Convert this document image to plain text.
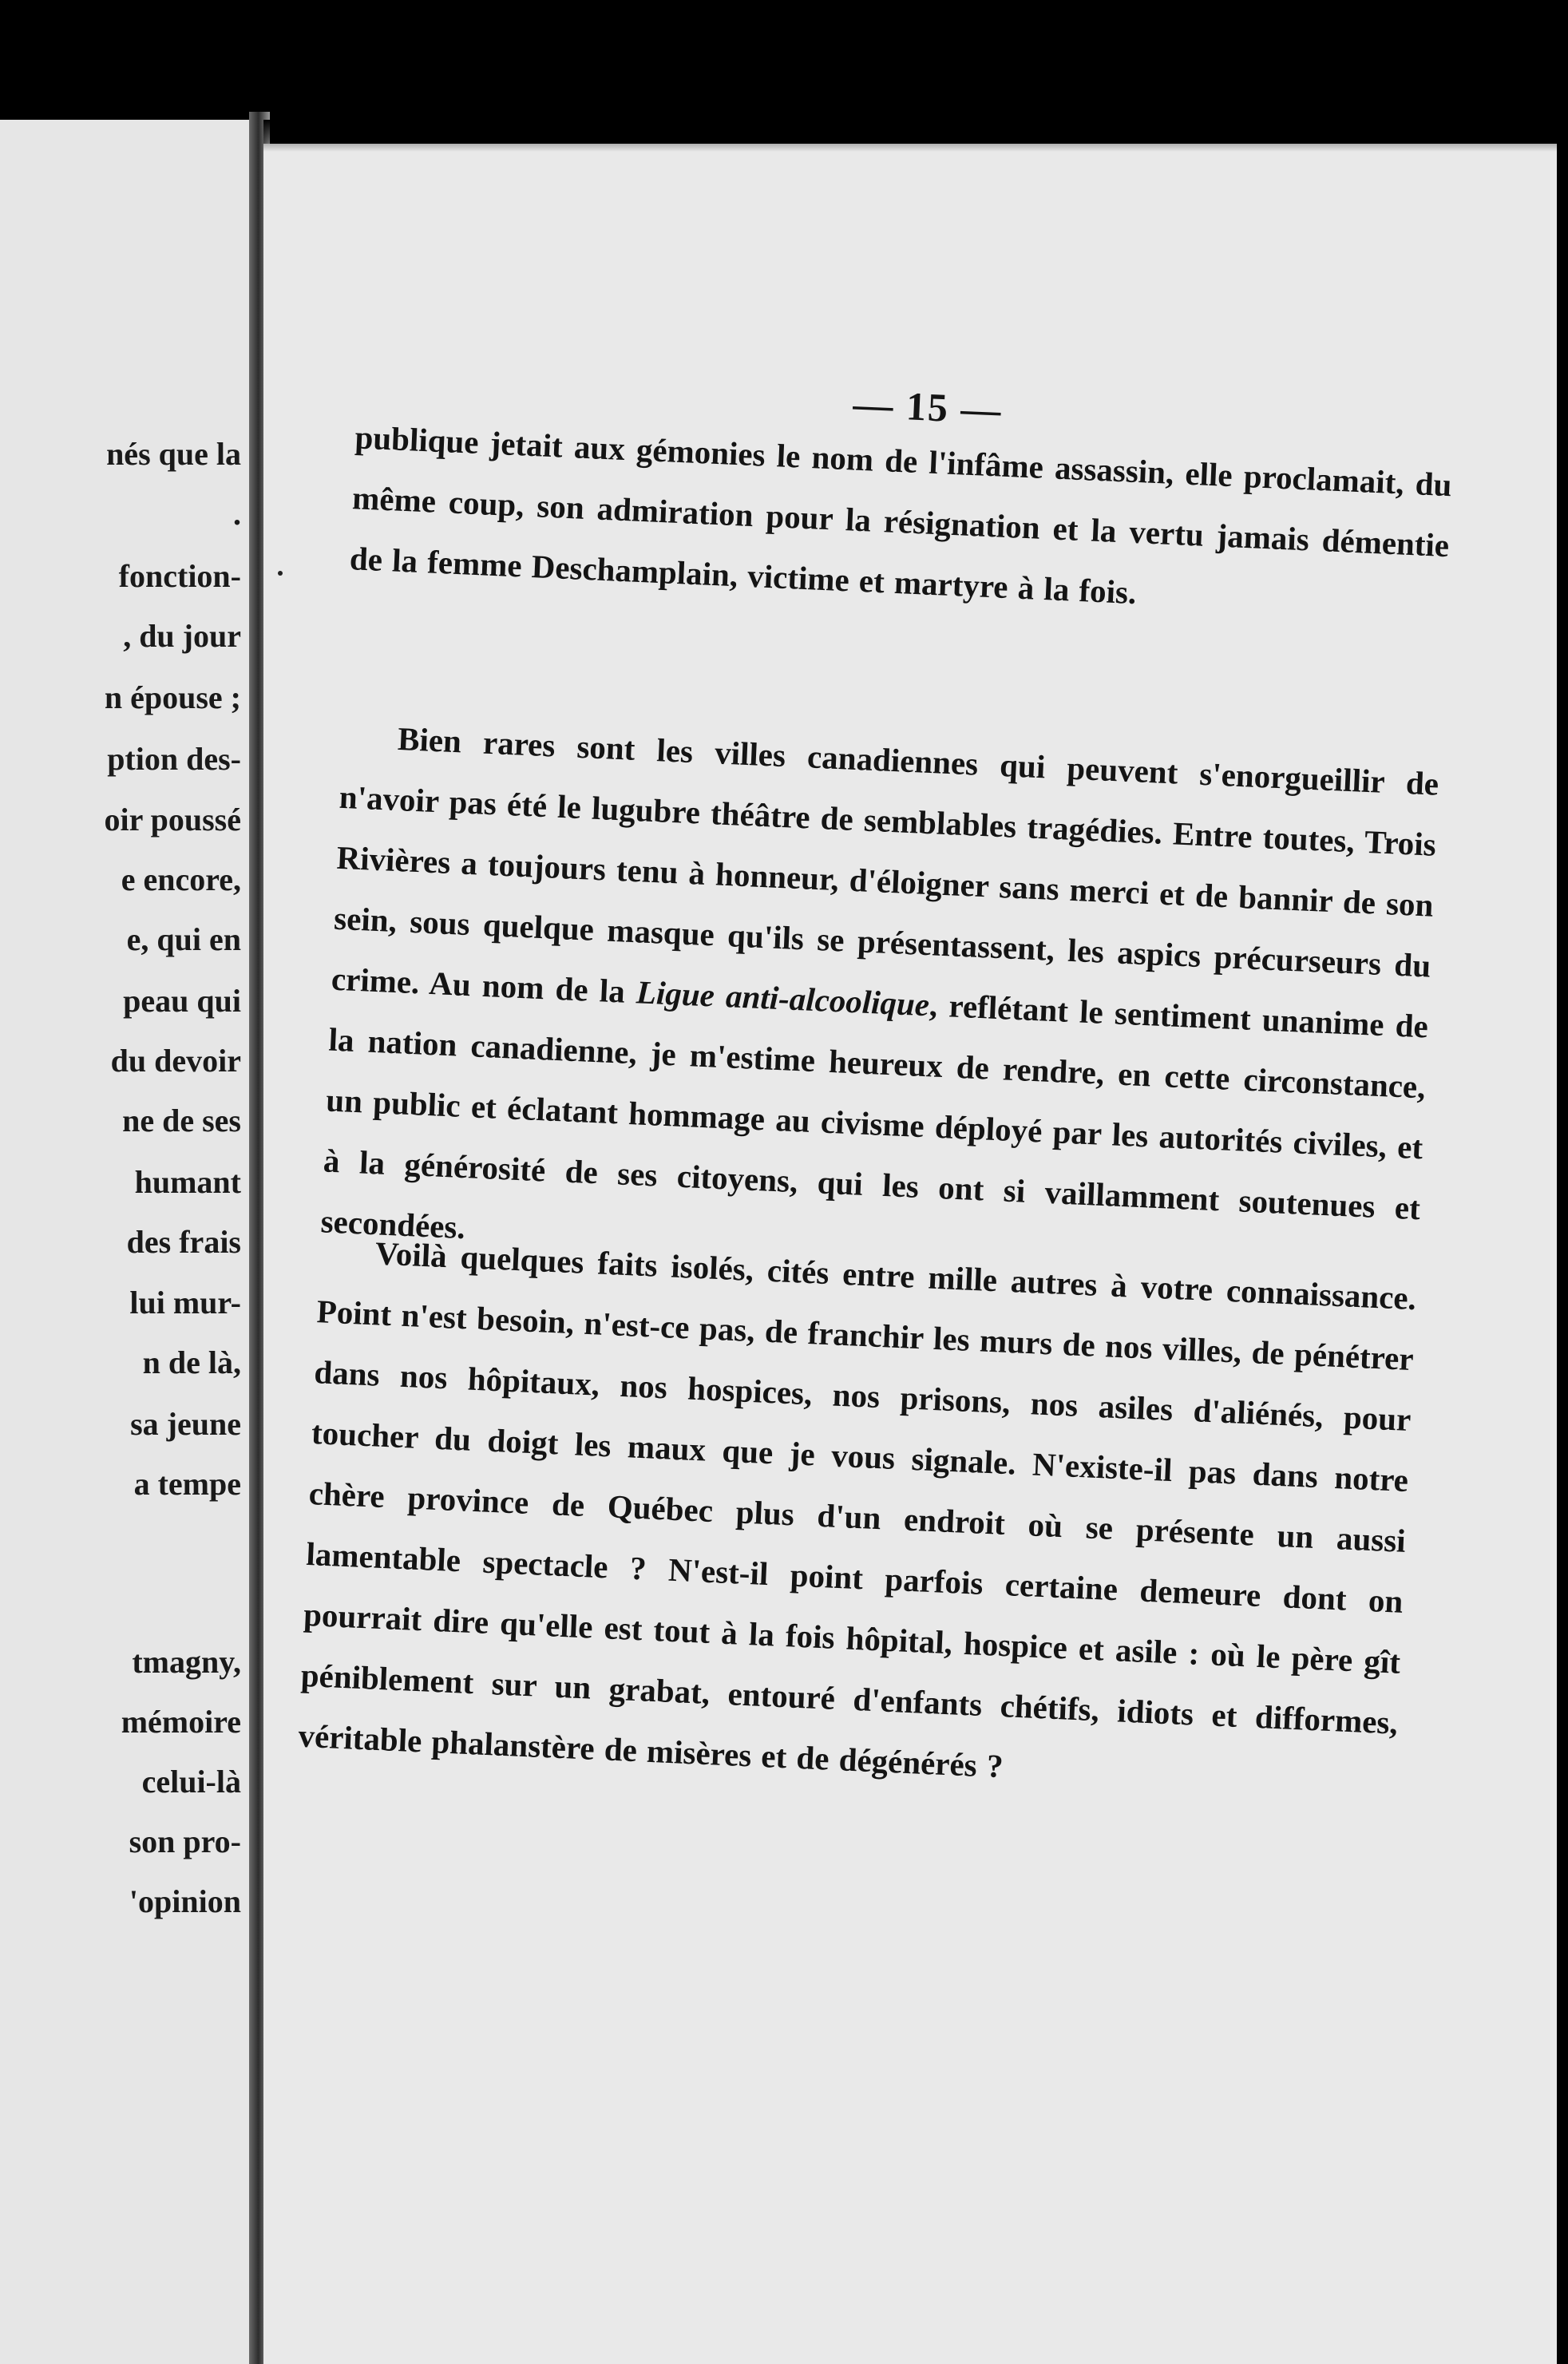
nés que la
.
fonction-
, du jour
n épouse ;
ption des-
oir poussé
e encore,
e, qui en
peau qui
du devoir
ne de ses
humant
des frais
lui mur-
n de là,
sa jeune
a tempe
tmagny,
mémoire
celui-là
son pro-
'opinion
— 15 —

publique jetait aux gémonies le nom de l'infâme assassin, elle proclamait, du même coup, son admiration pour la résignation et la vertu jamais démentie de la femme Deschamplain, victime et martyre à la fois.

Bien rares sont les villes canadiennes qui peuvent s'enorgueillir de n'avoir pas été le lugubre théâtre de semblables tragédies. Entre toutes, Trois Rivières a toujours tenu à honneur, d'éloigner sans merci et de bannir de son sein, sous quelque masque qu'ils se présentassent, les aspics précurseurs du crime. Au nom de la Ligue anti-alcoolique, reflétant le sentiment unanime de la nation canadienne, je m'estime heureux de rendre, en cette circonstance, un public et éclatant hommage au civisme déployé par les autorités civiles, et à la générosité de ses citoyens, qui les ont si vaillamment soutenues et secondées.

Voilà quelques faits isolés, cités entre mille autres à votre connaissance. Point n'est besoin, n'est-ce pas, de franchir les murs de nos villes, de pénétrer dans nos hôpitaux, nos hospices, nos prisons, nos asiles d'aliénés, pour toucher du doigt les maux que je vous signale. N'existe-il pas dans notre chère province de Québec plus d'un endroit où se présente un aussi lamentable spectacle ? N'est-il point parfois certaine demeure dont on pourrait dire qu'elle est tout à la fois hôpital, hospice et asile : où le père gît péniblement sur un grabat, entouré d'enfants chétifs, idiots et difformes, véritable phalanstère de misères et de dégénérés ?
